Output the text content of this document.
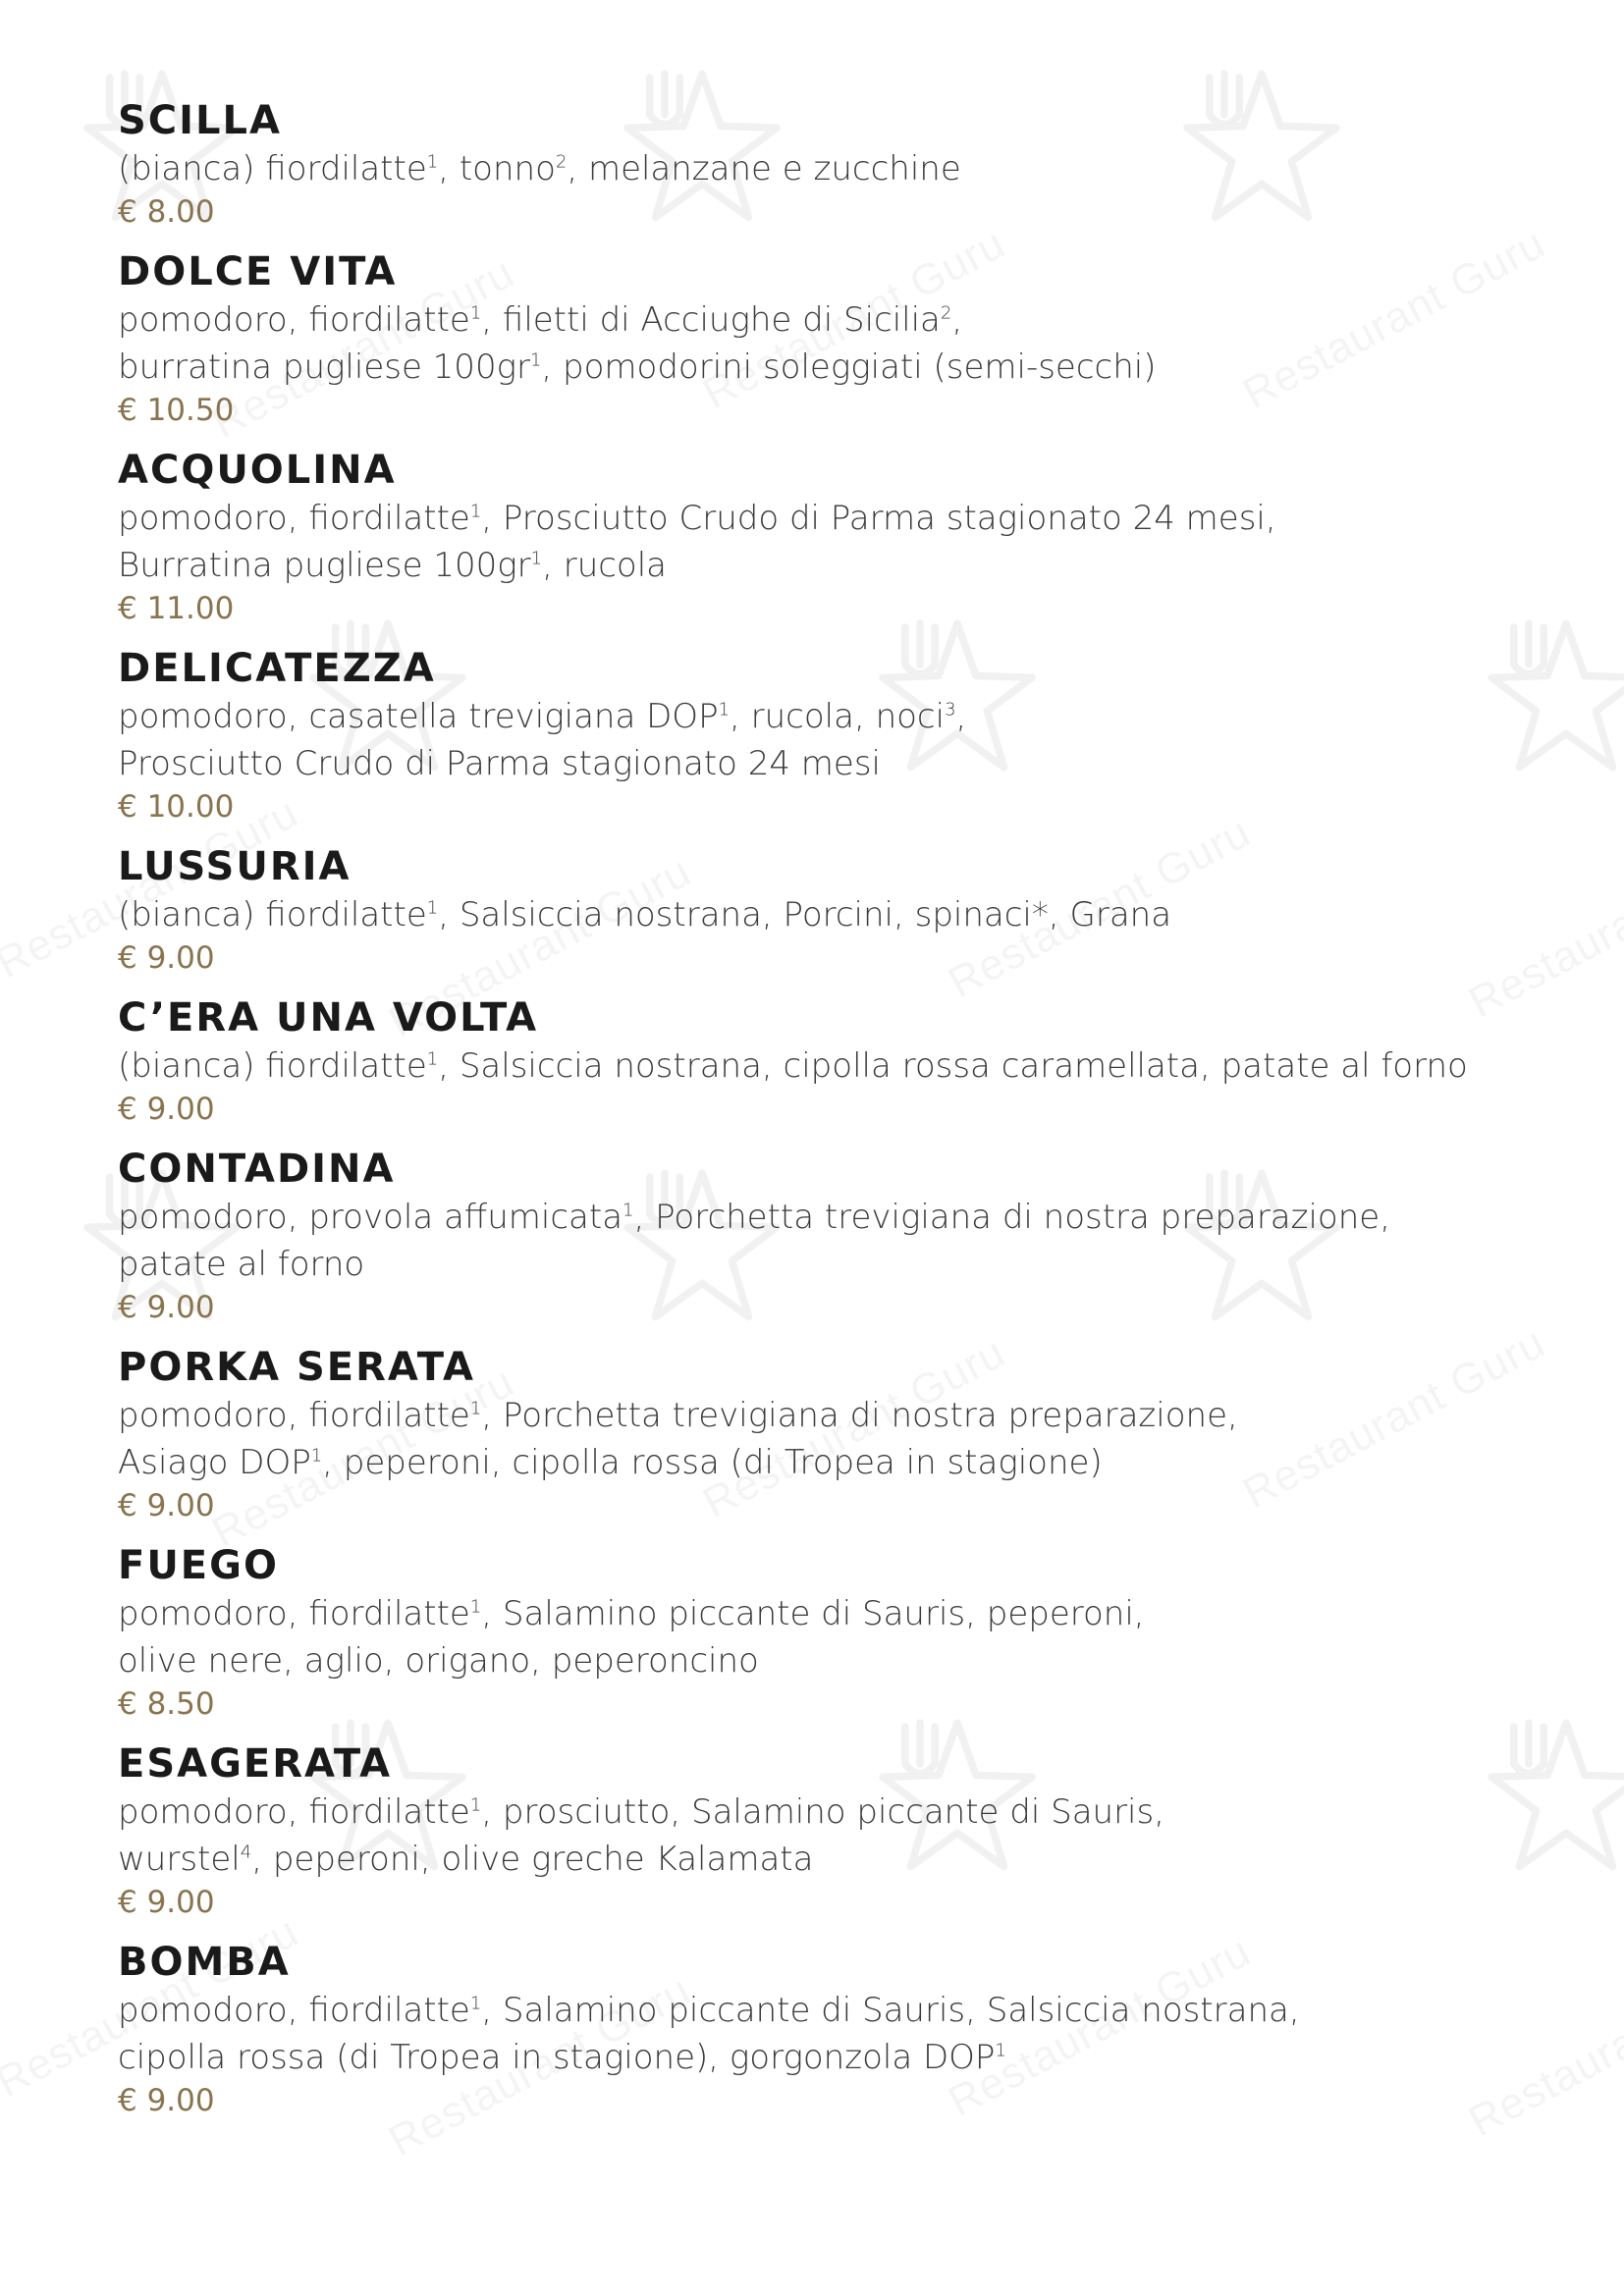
SCILLA
(bianca) fiordilatte$^1$, tonno$^2$, melanzane e zucchine
€ 8.00
DOLCE VITA
pomodoro, fiordilatte$^1$, filetti di Acciughe di Sicilia$^2$,
burratina pugliese $100gr^1$, pomodorini soleggiati (semi-secchi)
€ 10.50
ACQUOLINA
pomodoro, fiordilatte$^1$, Prosciutto Crudo di Parma stagionato 24 mesi,
Burratina pugliese $100gr^1$, rucola
€ 11.00
DELICATEZZA
pomodoro, casatella trevigiana DOP$^1$, rucola, noci$^3$,
Prosciutto Crudo di Parma stagionato 24 mesi
€ 10.00
LUSSURIA
(bianca) fiordilatte$^1$, Salsiccia nostrana, Porcini, spinaci*, Grana
€ 9.00
C’ERA UNA VOLTA
(bianca) fiordilatte$^1$, Salsiccia nostrana, cipolla rossa caramellata, patate al forno
€ 9.00
CONTADINA
pomodoro, provola affumicata$^1$, Porchetta trevigiana di nostra preparazione,
patate al forno
€ 9.00
PORKA SERATA
pomodoro, fiordilatte$^1$, Porchetta trevigiana di nostra preparazione,
Asiago DOP$^1$, peperoni, cipolla rossa (di Tropea in stagione)
€ 9.00
FUEGO
pomodoro, fiordilatte$^1$, Salamino piccante di Sauris, peperoni,
olive nere, aglio, origano, peperoncino
€ 8.50
ESAGERATA
pomodoro, fiordilatte$^1$, prosciutto, Salamino piccante di Sauris,
wurstel$^4$, peperoni, olive greche Kalamata
€ 9.00
BOMBA
pomodoro, fiordilatte$^1$, Salamino piccante di Sauris, Salsiccia nostrana,
cipolla rossa (di Tropea in stagione), gorgonzola DOP$^1$
€ 9.00
